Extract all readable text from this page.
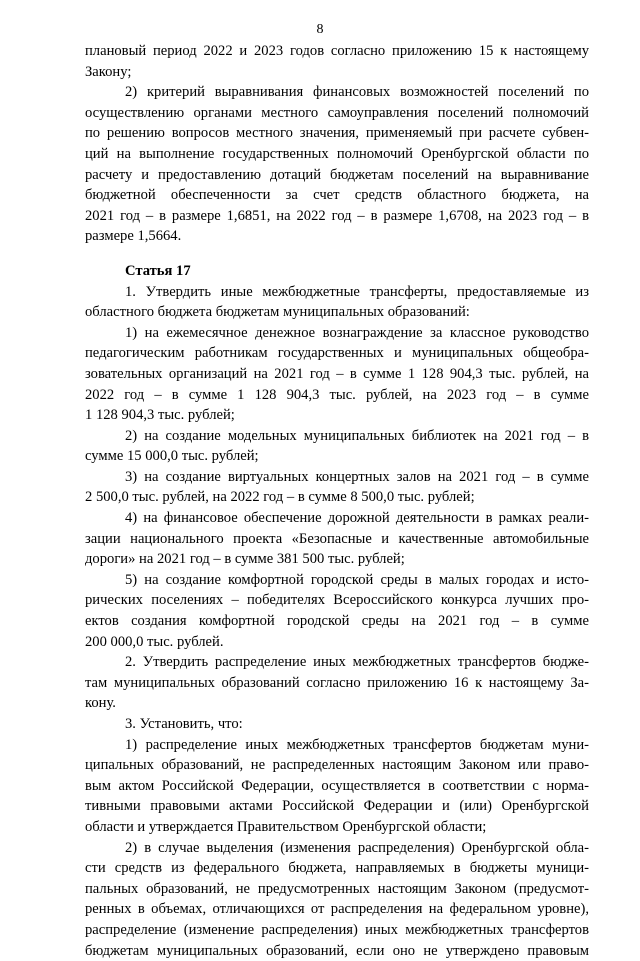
8
плановый период 2022 и 2023 годов согласно приложению 15 к настоящему
Закону;
2) критерий выравнивания финансовых возможностей поселений по
осуществлению органами местного самоуправления поселений полномочий
по решению вопросов местного значения, применяемый при расчете субвен-
ций на выполнение государственных полномочий Оренбургской области по
расчету и предоставлению дотаций бюджетам поселений на выравнивание
бюджетной обеспеченности за счет средств областного бюджета, на
2021 год – в размере 1,6851, на 2022 год – в размере 1,6708, на 2023 год – в
размере 1,5664.
Статья 17
1. Утвердить иные межбюджетные трансферты, предоставляемые из
областного бюджета бюджетам муниципальных образований:
1) на ежемесячное денежное вознаграждение за классное руководство
педагогическим работникам государственных и муниципальных общеобра-
зовательных организаций на 2021 год – в сумме 1 128 904,3 тыс. рублей, на
2022 год – в сумме 1 128 904,3 тыс. рублей, на 2023 год – в сумме
1 128 904,3 тыс. рублей;
2) на создание модельных муниципальных библиотек на 2021 год – в
сумме 15 000,0 тыс. рублей;
3) на создание виртуальных концертных залов на 2021 год – в сумме
2 500,0 тыс. рублей, на 2022 год – в сумме 8 500,0 тыс. рублей;
4) на финансовое обеспечение дорожной деятельности в рамках реали-
зации национального проекта «Безопасные и качественные автомобильные
дороги» на 2021 год – в сумме 381 500 тыс. рублей;
5) на создание комфортной городской среды в малых городах и исто-
рических поселениях – победителях Всероссийского конкурса лучших про-
ектов создания комфортной городской среды на 2021 год – в сумме
200 000,0 тыс. рублей.
2. Утвердить распределение иных межбюджетных трансфертов бюдже-
там муниципальных образований согласно приложению 16 к настоящему За-
кону.
3. Установить, что:
1) распределение иных межбюджетных трансфертов бюджетам муни-
ципальных образований, не распределенных настоящим Законом или право-
вым актом Российской Федерации, осуществляется в соответствии с норма-
тивными правовыми актами Российской Федерации и (или) Оренбургской
области и утверждается Правительством Оренбургской области;
2) в случае выделения (изменения распределения) Оренбургской обла-
сти средств из федерального бюджета, направляемых в бюджеты муници-
пальных образований, не предусмотренных настоящим Законом (предусмот-
ренных в объемах, отличающихся от распределения на федеральном уровне),
распределение (изменение распределения) иных межбюджетных трансфертов
бюджетам муниципальных образований, если оно не утверждено правовым
